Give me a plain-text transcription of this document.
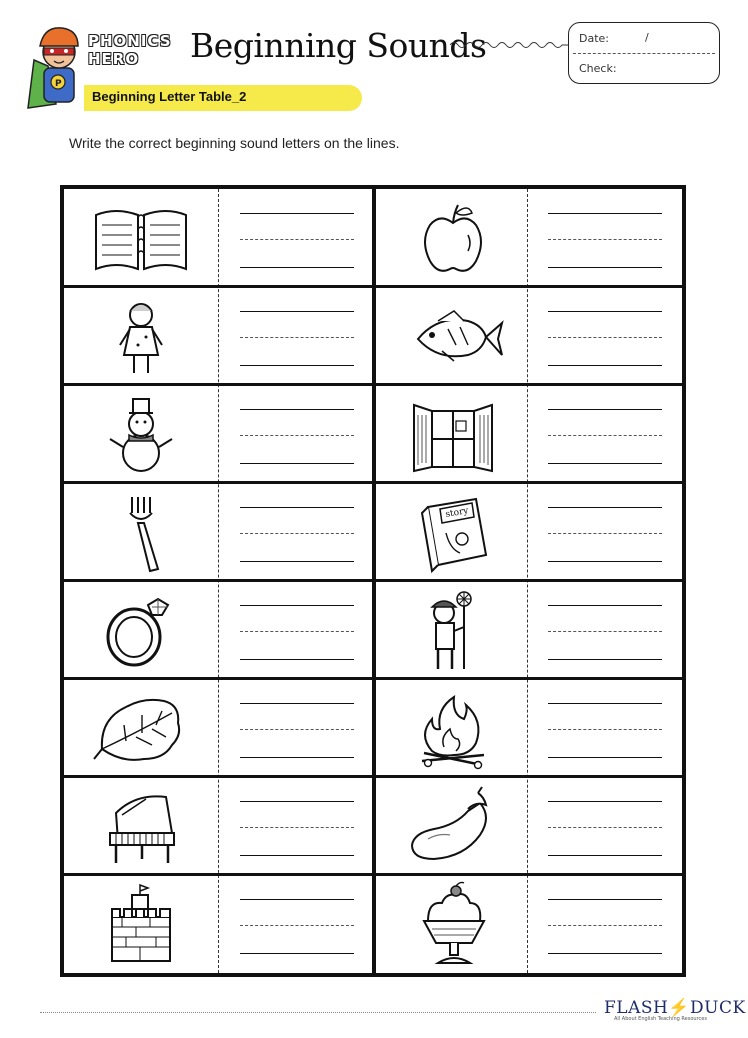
P
PHONICS
HERO Beginning Sounds	Date:	/
Check:
Beginning Letter Table_2
Write the correct beginning sound letters on the lines.
story
FLASH⚡DUCK
All About English Teaching Resources
